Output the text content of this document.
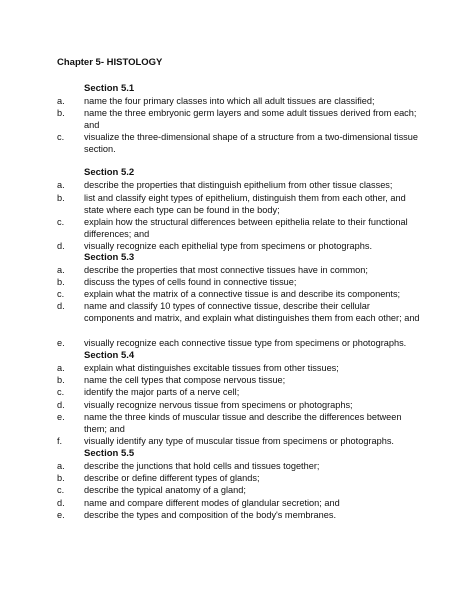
Chapter 5- HISTOLOGY
Section 5.1
a.	name the four primary classes into which all adult tissues are classified;
b.	name the three embryonic germ layers and some adult tissues derived from each; and
c.	visualize the three-dimensional shape of a structure from a two-dimensional tissue section.
Section 5.2
a.	describe the properties that distinguish epithelium from other tissue classes;
b.	list and classify eight types of epithelium, distinguish them from each other, and state where each type can be found in the body;
c.	explain how the structural differences between epithelia relate to their functional differences; and
d.	visually recognize each epithelial type from specimens or photographs.
Section 5.3
a.	describe the properties that most connective tissues have in common;
b.	discuss the types of cells found in connective tissue;
c.	explain what the matrix of a connective tissue is and describe its components;
d.	name and classify 10 types of connective tissue, describe their cellular components and matrix, and explain what distinguishes them from each other; and
e.	visually recognize each connective tissue type from specimens or photographs.
Section 5.4
a.	explain what distinguishes excitable tissues from other tissues;
b.	name the cell types that compose nervous tissue;
c.	identify the major parts of a nerve cell;
d.	visually recognize nervous tissue from specimens or photographs;
e.	name the three kinds of muscular tissue and describe the differences between them; and
f.	visually identify any type of muscular tissue from specimens or photographs.
Section 5.5
a.	describe the junctions that hold cells and tissues together;
b.	describe or define different types of glands;
c.	describe the typical anatomy of a gland;
d.	name and compare different modes of glandular secretion; and
e.	describe the types and composition of the body's membranes.
